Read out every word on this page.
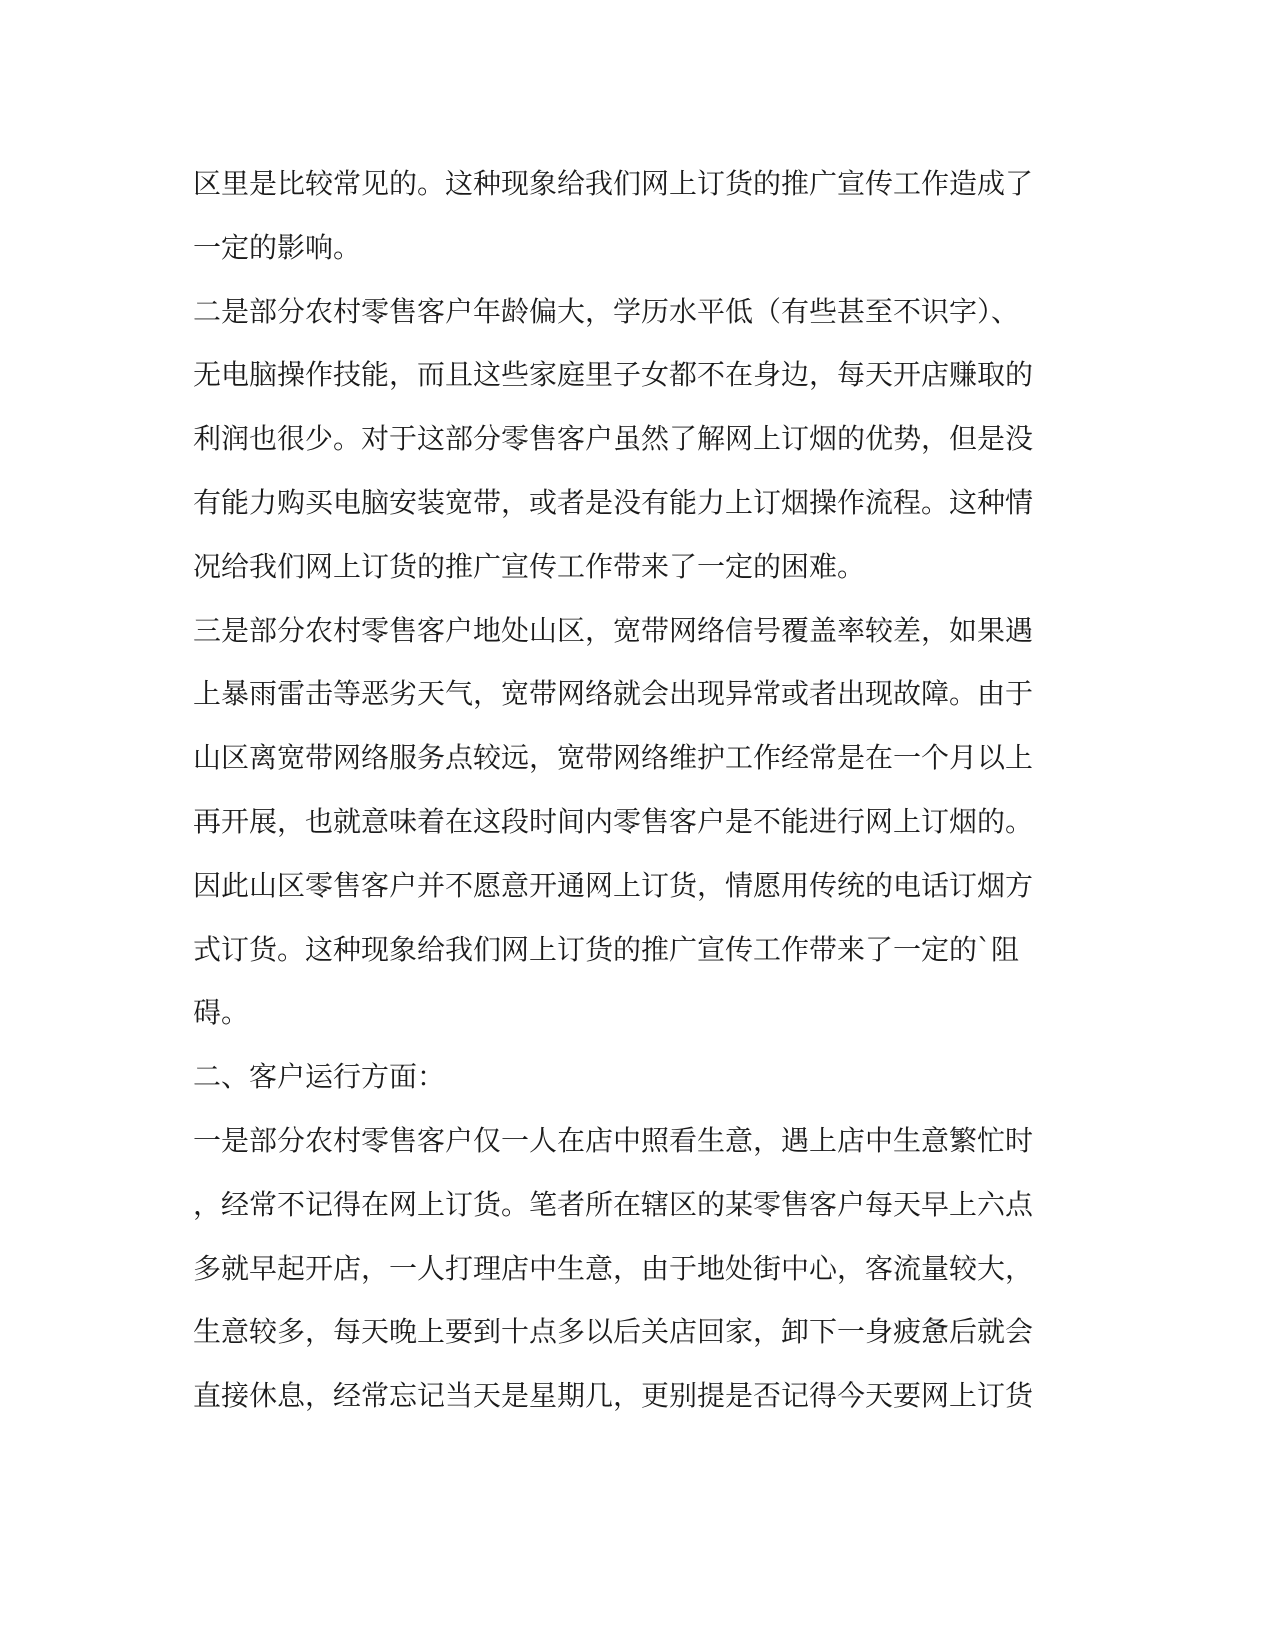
区里是比较常见的。这种现象给我们网上订货的推广宣传工作造成了
一定的影响。
二是部分农村零售客户年龄偏大，学历水平低（有些甚至不识字）、
无电脑操作技能，而且这些家庭里子女都不在身边，每天开店赚取的
利润也很少。对于这部分零售客户虽然了解网上订烟的优势，但是没
有能力购买电脑安装宽带，或者是没有能力上订烟操作流程。这种情
况给我们网上订货的推广宣传工作带来了一定的困难。
三是部分农村零售客户地处山区，宽带网络信号覆盖率较差，如果遇
上暴雨雷击等恶劣天气，宽带网络就会出现异常或者出现故障。由于
山区离宽带网络服务点较远，宽带网络维护工作经常是在一个月以上
再开展，也就意味着在这段时间内零售客户是不能进行网上订烟的。
因此山区零售客户并不愿意开通网上订货，情愿用传统的电话订烟方
式订货。这种现象给我们网上订货的推广宣传工作带来了一定的`阻
碍。
二、客户运行方面：
一是部分农村零售客户仅一人在店中照看生意，遇上店中生意繁忙时
，经常不记得在网上订货。笔者所在辖区的某零售客户每天早上六点
多就早起开店，一人打理店中生意，由于地处街中心，客流量较大，
生意较多，每天晚上要到十点多以后关店回家，卸下一身疲惫后就会
直接休息，经常忘记当天是星期几，更别提是否记得今天要网上订货
